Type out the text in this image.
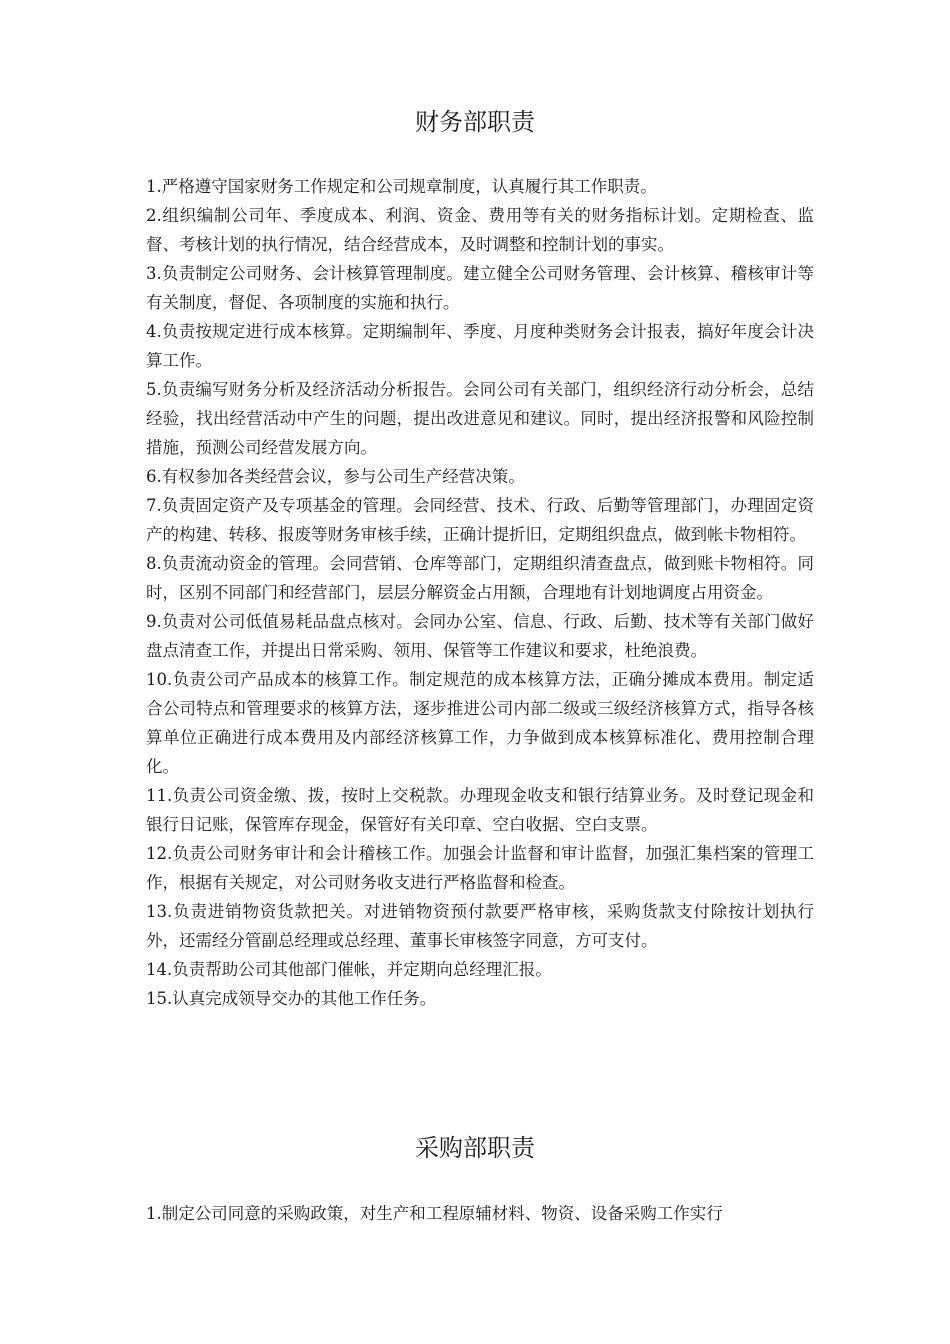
财务部职责
1.严格遵守国家财务工作规定和公司规章制度，认真履行其工作职责。
2.组织编制公司年、季度成本、利润、资金、费用等有关的财务指标计划。定期检查、监督、考核计划的执行情况，结合经营成本，及时调整和控制计划的事实。
3.负责制定公司财务、会计核算管理制度。建立健全公司财务管理、会计核算、稽核审计等有关制度，督促、各项制度的实施和执行。
4.负责按规定进行成本核算。定期编制年、季度、月度种类财务会计报表，搞好年度会计决算工作。
5.负责编写财务分析及经济活动分析报告。会同公司有关部门，组织经济行动分析会，总结经验，找出经营活动中产生的问题，提出改进意见和建议。同时，提出经济报警和风险控制措施，预测公司经营发展方向。
6.有权参加各类经营会议，参与公司生产经营决策。
7.负责固定资产及专项基金的管理。会同经营、技术、行政、后勤等管理部门，办理固定资产的构建、转移、报废等财务审核手续，正确计提折旧，定期组织盘点，做到帐卡物相符。
8.负责流动资金的管理。会同营销、仓库等部门，定期组织清查盘点，做到账卡物相符。同时，区别不同部门和经营部门，层层分解资金占用额，合理地有计划地调度占用资金。
9.负责对公司低值易耗品盘点核对。会同办公室、信息、行政、后勤、技术等有关部门做好盘点清查工作，并提出日常采购、领用、保管等工作建议和要求，杜绝浪费。
10.负责公司产品成本的核算工作。制定规范的成本核算方法，正确分摊成本费用。制定适合公司特点和管理要求的核算方法，逐步推进公司内部二级或三级经济核算方式，指导各核算单位正确进行成本费用及内部经济核算工作，力争做到成本核算标准化、费用控制合理化。
11.负责公司资金缴、拨，按时上交税款。办理现金收支和银行结算业务。及时登记现金和银行日记账，保管库存现金，保管好有关印章、空白收据、空白支票。
12.负责公司财务审计和会计稽核工作。加强会计监督和审计监督，加强汇集档案的管理工作，根据有关规定，对公司财务收支进行严格监督和检查。
13.负责进销物资货款把关。对进销物资预付款要严格审核，采购货款支付除按计划执行外，还需经分管副总经理或总经理、董事长审核签字同意，方可支付。
14.负责帮助公司其他部门催帐，并定期向总经理汇报。
15.认真完成领导交办的其他工作任务。
采购部职责
1.制定公司同意的采购政策，对生产和工程原辅材料、物资、设备采购工作实行
